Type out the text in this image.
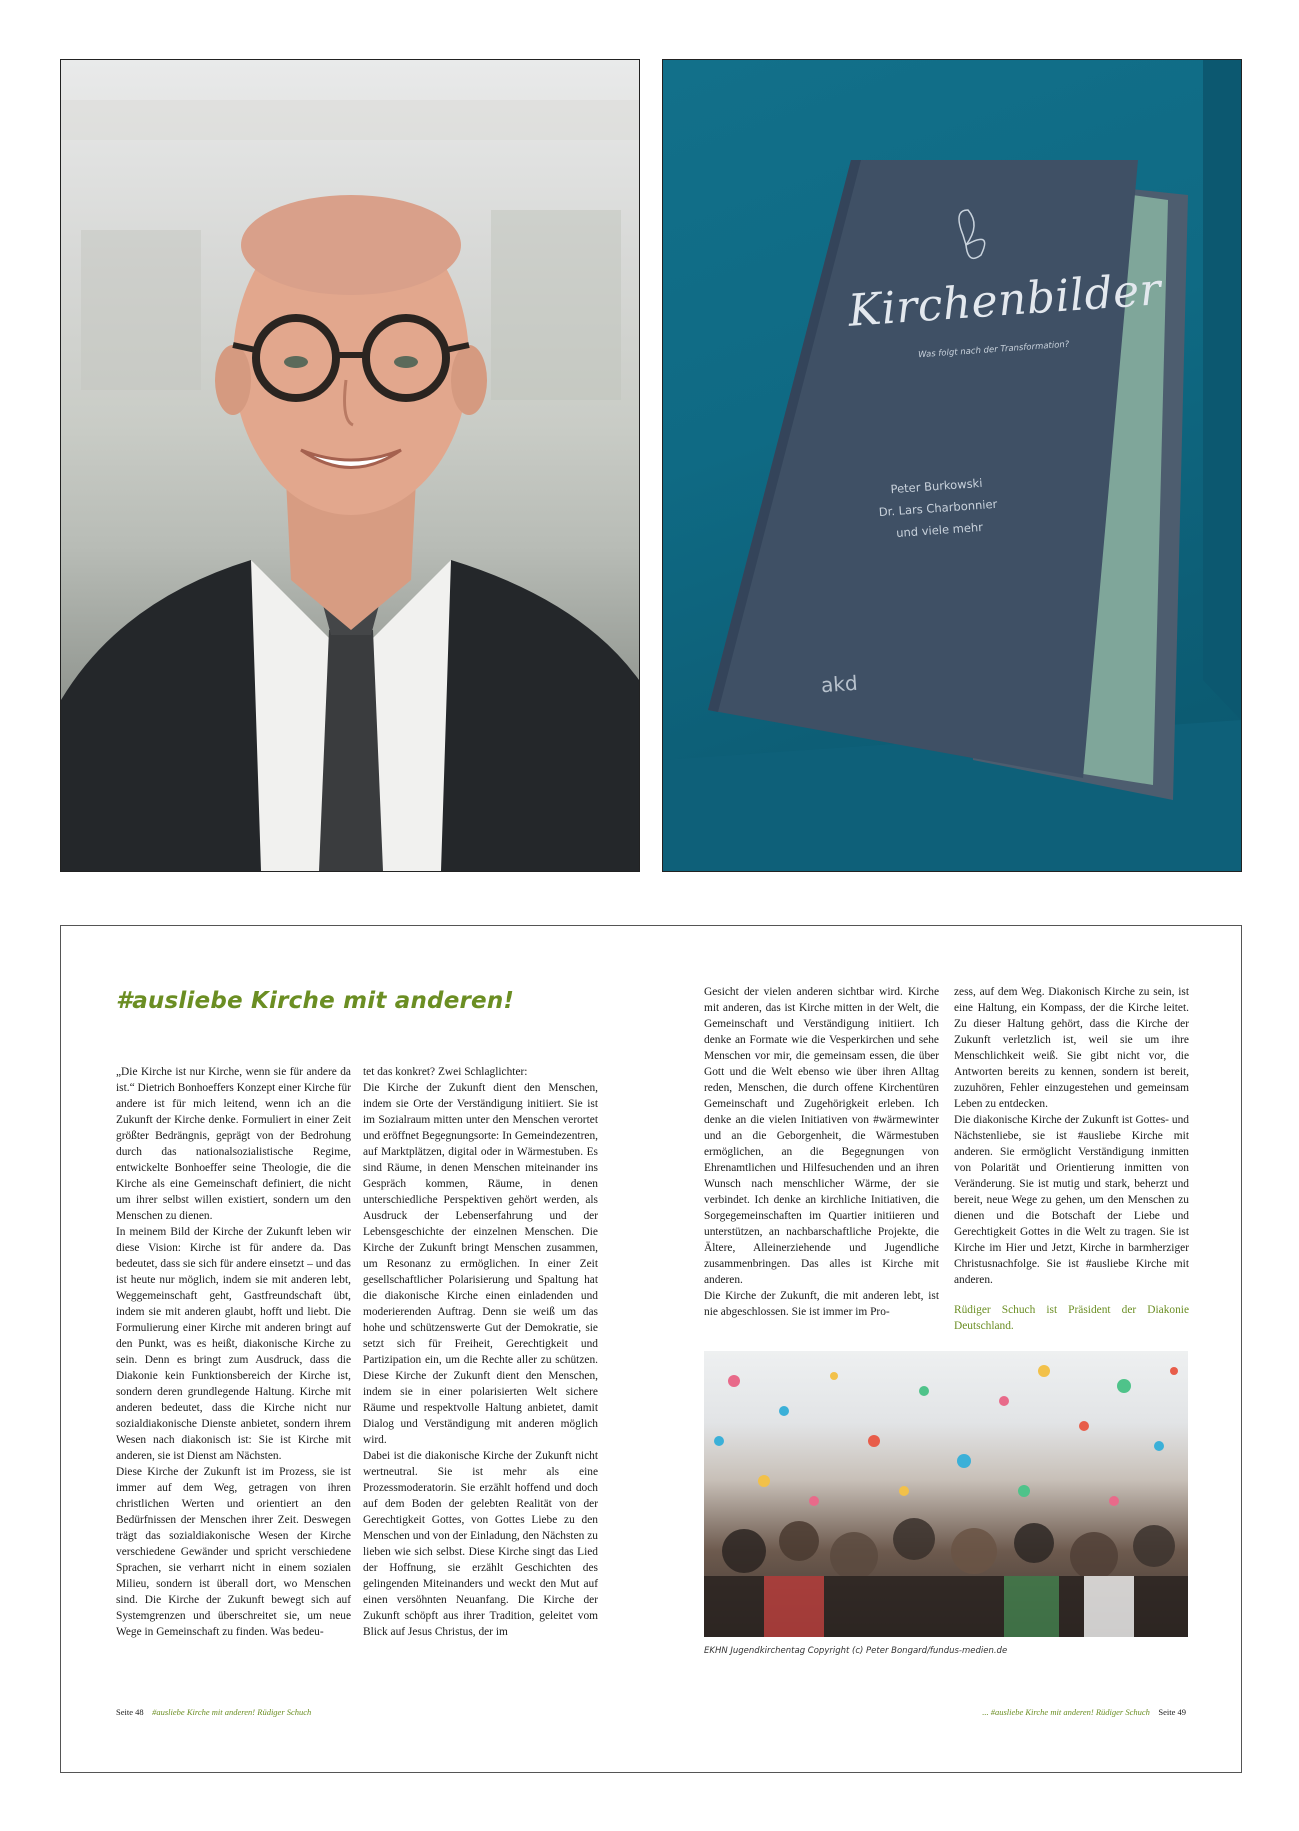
Kirchenbilder
Was folgt nach der Transformation?
Peter Burkowski
Dr. Lars Charbonnier
und viele mehr
akd
#ausliebe Kirche mit anderen!

„Die Kirche ist nur Kirche, wenn sie für andere da ist.“ Dietrich Bonhoeffers Konzept einer Kirche für andere ist für mich leitend, wenn ich an die Zukunft der Kirche denke. Formuliert in einer Zeit größter Bedrängnis, geprägt von der Bedrohung durch das nationalsozialistische Regime, entwickelte Bonhoeffer seine Theologie, die die Kirche als eine Gemeinschaft definiert, die nicht um ihrer selbst willen existiert, sondern um den Menschen zu dienen.

In meinem Bild der Kirche der Zukunft leben wir diese Vision: Kirche ist für andere da. Das bedeutet, dass sie sich für andere einsetzt – und das ist heute nur möglich, indem sie mit anderen lebt, Weggemeinschaft geht, Gastfreundschaft übt, indem sie mit anderen glaubt, hofft und liebt. Die Formulierung einer Kirche mit anderen bringt auf den Punkt, was es heißt, diakonische Kirche zu sein. Denn es bringt zum Ausdruck, dass die Diakonie kein Funktionsbereich der Kirche ist, sondern deren grundlegende Haltung. Kirche mit anderen bedeutet, dass die Kirche nicht nur sozialdiakonische Dienste anbietet, sondern ihrem Wesen nach diakonisch ist: Sie ist Kirche mit anderen, sie ist Dienst am Nächsten.

Diese Kirche der Zukunft ist im Prozess, sie ist immer auf dem Weg, getragen von ihren christlichen Werten und orientiert an den Bedürfnissen der Menschen ihrer Zeit. Deswegen trägt das sozialdiakonische Wesen der Kirche verschiedene Gewänder und spricht verschiedene Sprachen, sie verharrt nicht in einem sozialen Milieu, sondern ist überall dort, wo Menschen sind. Die Kirche der Zukunft bewegt sich auf Systemgrenzen und überschreitet sie, um neue Wege in Gemeinschaft zu finden. Was bedeu-

tet das konkret? Zwei Schlaglichter:

Die Kirche der Zukunft dient den Menschen, indem sie Orte der Verständigung initiiert. Sie ist im Sozialraum mitten unter den Menschen verortet und eröffnet Begegnungsorte: In Gemeindezentren, auf Marktplätzen, digital oder in Wärmestuben. Es sind Räume, in denen Menschen miteinander ins Gespräch kommen, Räume, in denen unterschiedliche Perspektiven gehört werden, als Ausdruck der Lebenserfahrung und der Lebensgeschichte der einzelnen Menschen. Die Kirche der Zukunft bringt Menschen zusammen, um Resonanz zu ermöglichen. In einer Zeit gesellschaftlicher Polarisierung und Spaltung hat die diakonische Kirche einen einladenden und moderierenden Auftrag. Denn sie weiß um das hohe und schützenswerte Gut der Demokratie, sie setzt sich für Freiheit, Gerechtigkeit und Partizipation ein, um die Rechte aller zu schützen. Diese Kirche der Zukunft dient den Menschen, indem sie in einer polarisierten Welt sichere Räume und respektvolle Haltung anbietet, damit Dialog und Verständigung mit anderen möglich wird.

Dabei ist die diakonische Kirche der Zukunft nicht wertneutral. Sie ist mehr als eine Prozessmoderatorin. Sie erzählt hoffend und doch auf dem Boden der gelebten Realität von der Gerechtigkeit Gottes, von Gottes Liebe zu den Menschen und von der Einladung, den Nächsten zu lieben wie sich selbst. Diese Kirche singt das Lied der Hoffnung, sie erzählt Geschichten des gelingenden Miteinanders und weckt den Mut auf einen versöhnten Neuanfang. Die Kirche der Zukunft schöpft aus ihrer Tradition, geleitet vom Blick auf Jesus Christus, der im

Gesicht der vielen anderen sichtbar wird. Kirche mit anderen, das ist Kirche mitten in der Welt, die Gemeinschaft und Verständigung initiiert. Ich denke an Formate wie die Vesperkirchen und sehe Menschen vor mir, die gemeinsam essen, die über Gott und die Welt ebenso wie über ihren Alltag reden, Menschen, die durch offene Kirchentüren Gemeinschaft und Zugehörigkeit erleben. Ich denke an die vielen Initiativen von #wärmewinter und an die Geborgenheit, die Wärmestuben ermöglichen, an die Begegnungen von Ehrenamtlichen und Hilfesuchenden und an ihren Wunsch nach menschlicher Wärme, der sie verbindet. Ich denke an kirchliche Initiativen, die Sorgegemeinschaften im Quartier initiieren und unterstützen, an nachbarschaftliche Projekte, die Ältere, Alleinerziehende und Jugendliche zusammenbringen. Das alles ist Kirche mit anderen.

Die Kirche der Zukunft, die mit anderen lebt, ist nie abgeschlossen. Sie ist immer im Pro-

zess, auf dem Weg. Diakonisch Kirche zu sein, ist eine Haltung, ein Kompass, der die Kirche leitet. Zu dieser Haltung gehört, dass die Kirche der Zukunft verletzlich ist, weil sie um ihre Menschlichkeit weiß. Sie gibt nicht vor, die Antworten bereits zu kennen, sondern ist bereit, zuzuhören, Fehler einzugestehen und gemeinsam Leben zu entdecken.

Die diakonische Kirche der Zukunft ist Gottes- und Nächstenliebe, sie ist #ausliebe Kirche mit anderen. Sie ermöglicht Verständigung inmitten von Polarität und Orientierung inmitten von Veränderung. Sie ist mutig und stark, beherzt und bereit, neue Wege zu gehen, um den Menschen zu dienen und die Botschaft der Liebe und Gerechtigkeit Gottes in die Welt zu tragen. Sie ist Kirche im Hier und Jetzt, Kirche in barmherziger Christusnachfolge. Sie ist #ausliebe Kirche mit anderen.

Rüdiger Schuch ist Präsident der Diakonie Deutschland.

EKHN Jugendkirchentag Copyright (c) Peter Bongard/fundus-medien.de
Seite 48 #ausliebe Kirche mit anderen! Rüdiger Schuch	... #ausliebe Kirche mit anderen! Rüdiger Schuch Seite 49
